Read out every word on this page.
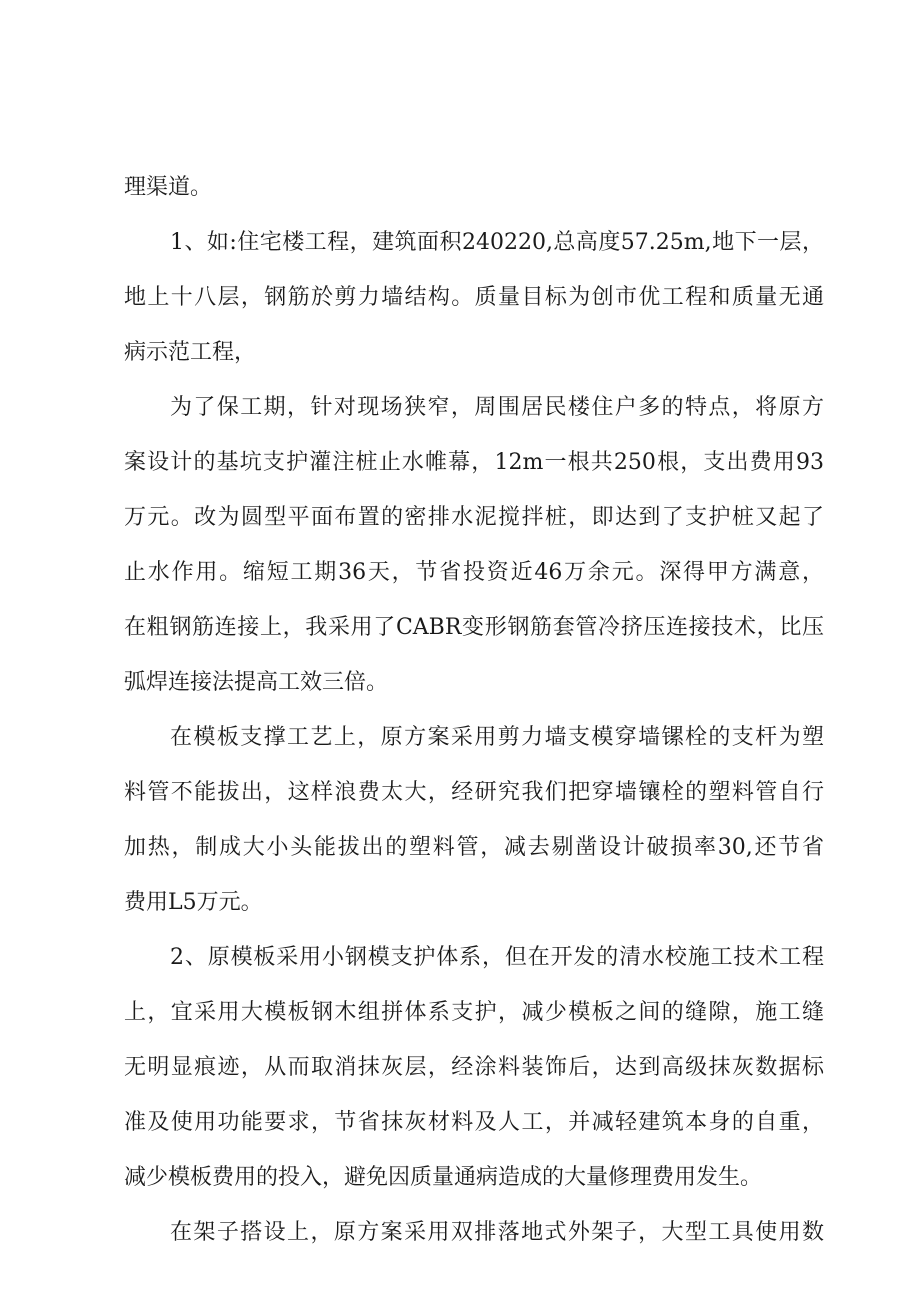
理渠道。
1、如:住宅楼工程，建筑面积240220,总高度57.25m,地下一层，
地上十八层，钢筋於剪力墙结构。质量目标为创市优工程和质量无通
病示范工程，
为了保工期，针对现场狭窄，周围居民楼住户多的特点，将原方
案设计的基坑支护灌注桩止水帷幕，12m一根共250根，支出费用93
万元。改为圆型平面布置的密排水泥搅拌桩，即达到了支护桩又起了
止水作用。缩短工期36天，节省投资近46万余元。深得甲方满意，
在粗钢筋连接上，我采用了CABR变形钢筋套管冷挤压连接技术，比压
弧焊连接法提高工效三倍。
在模板支撑工艺上，原方案采用剪力墙支模穿墙镙栓的支杆为塑
料管不能拔出，这样浪费太大，经研究我们把穿墙镶栓的塑料管自行
加热，制成大小头能拔出的塑料管，减去剔凿设计破损率30,还节省
费用L5万元。
2、原模板采用小钢模支护体系，但在开发的清水校施工技术工程
上，宜采用大模板钢木组拼体系支护，减少模板之间的缝隙，施工缝
无明显痕迹，从而取消抹灰层，经涂料装饰后，达到高级抹灰数据标
准及使用功能要求，节省抹灰材料及人工，并减轻建筑本身的自重，
减少模板费用的投入，避免因质量通病造成的大量修理费用发生。
在架子搭设上，原方案采用双排落地式外架子，大型工具使用数
